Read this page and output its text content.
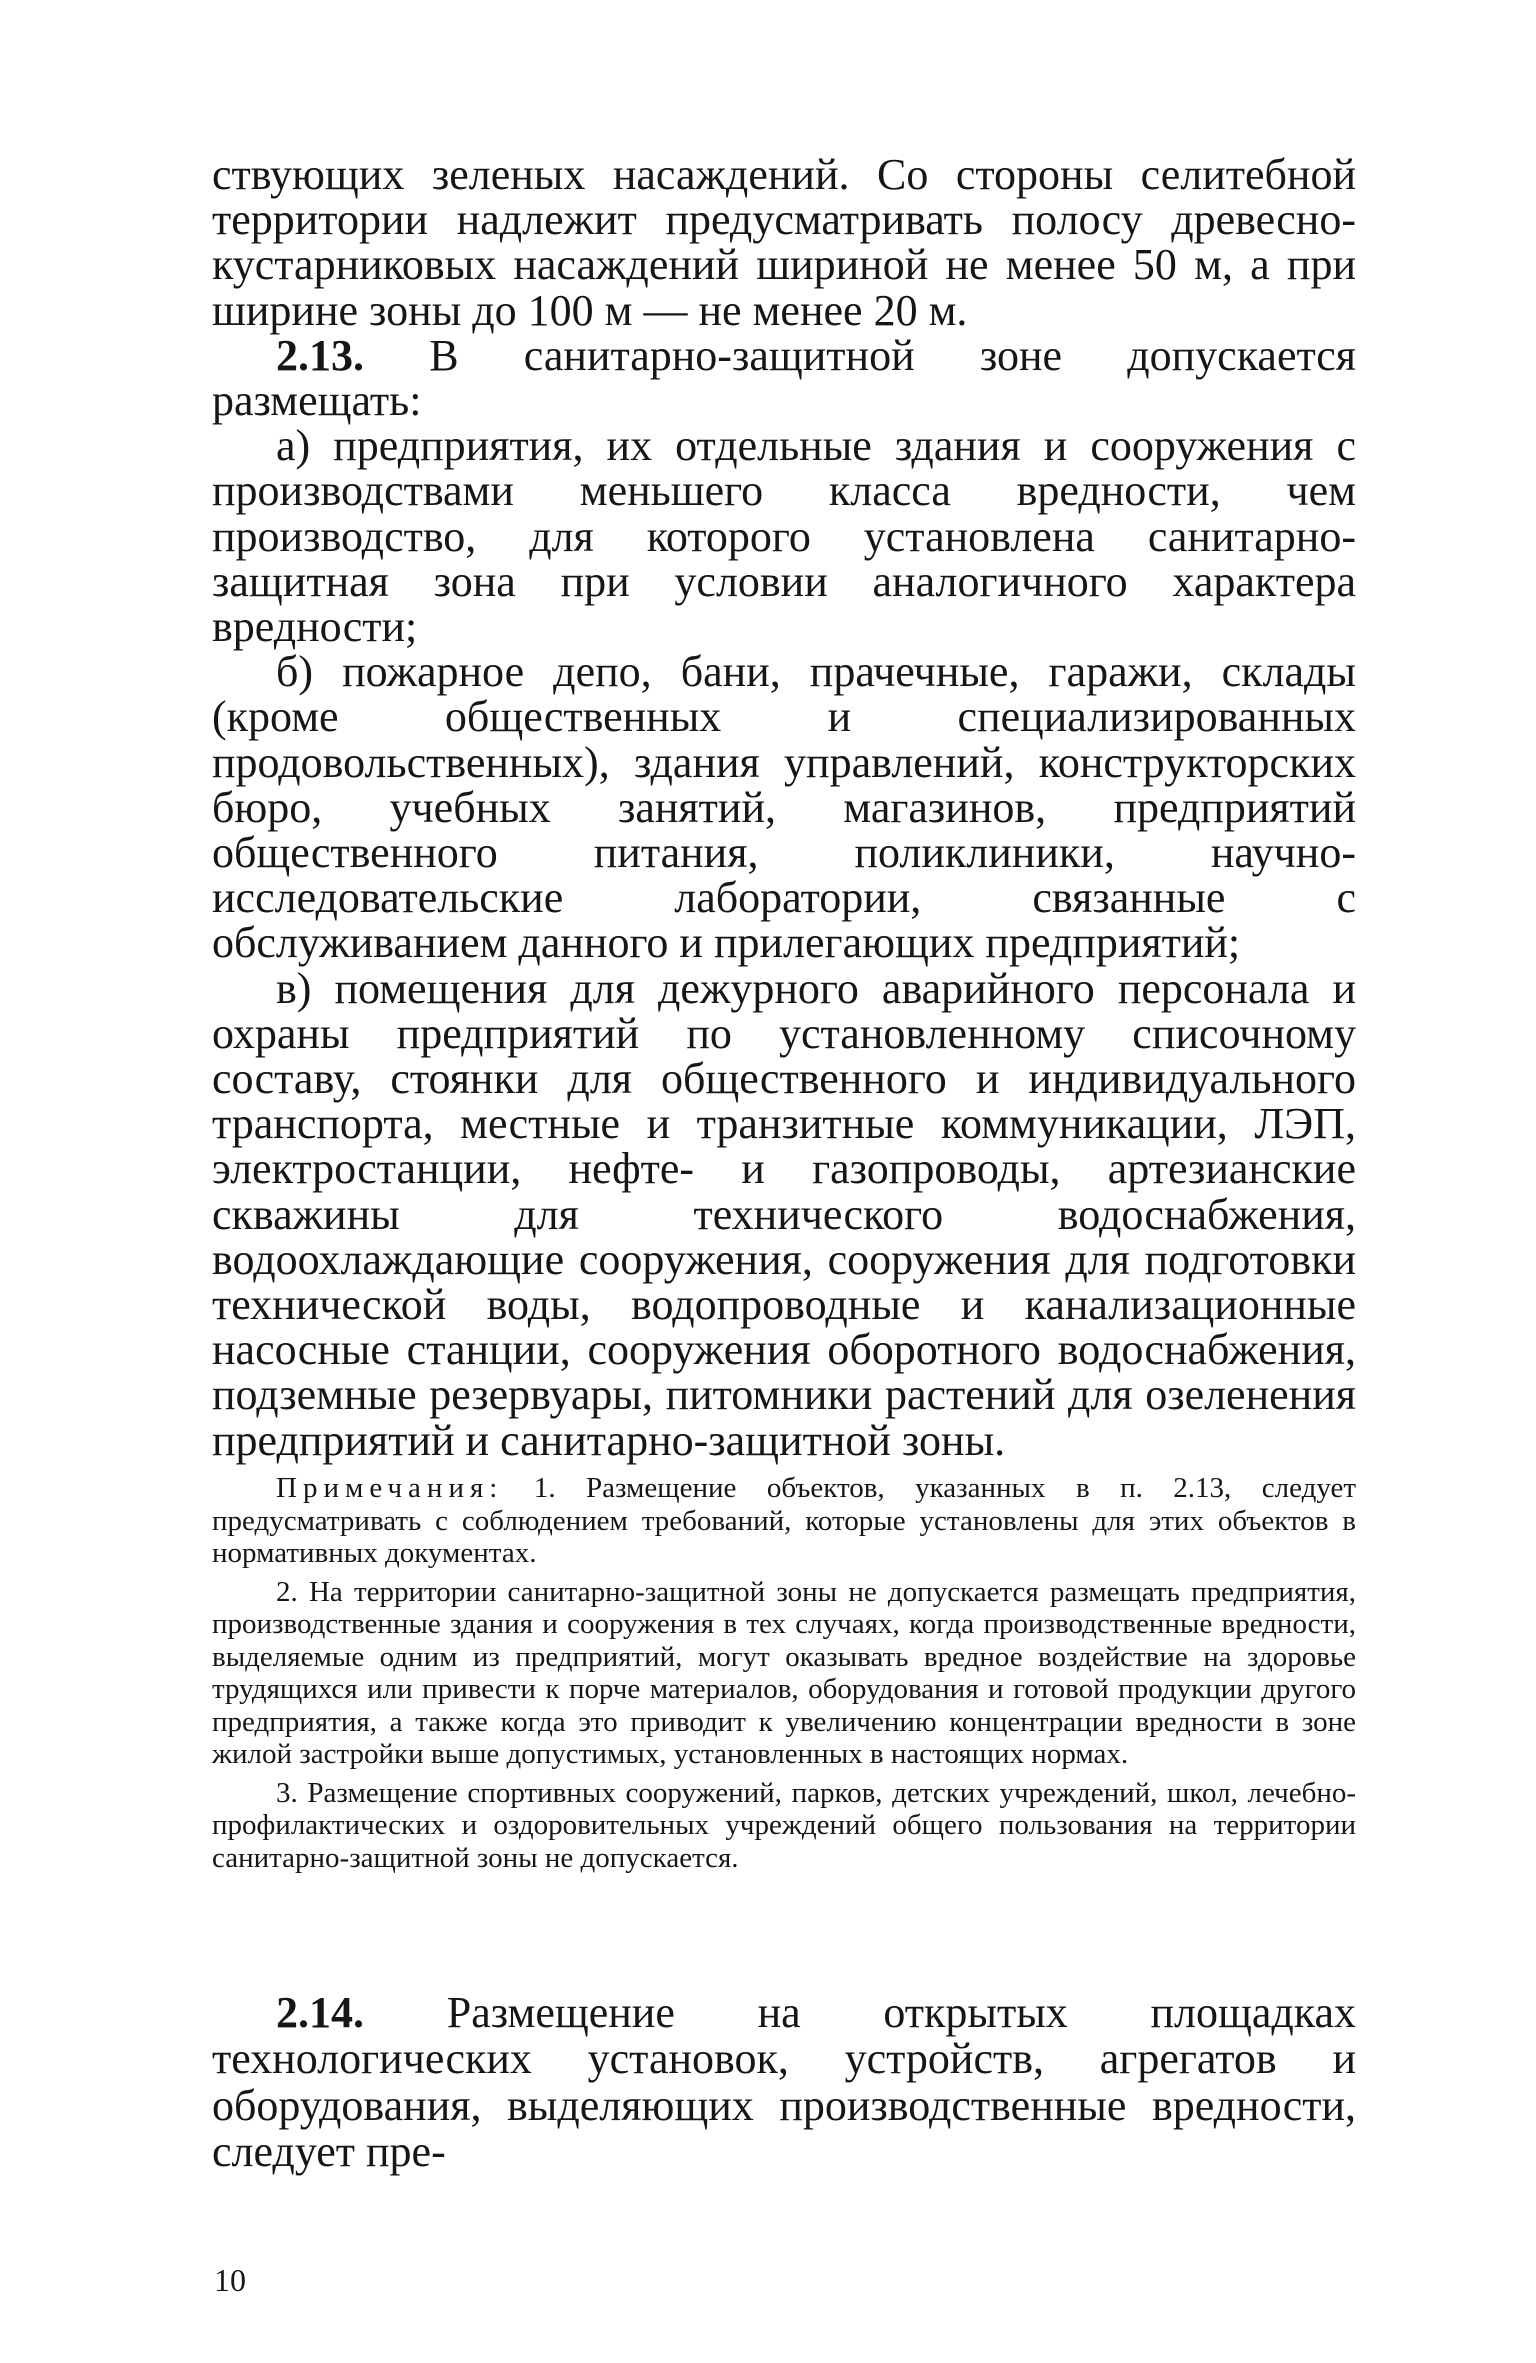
ствующих зеленых насаждений. Со стороны селитебной территории надлежит предусматривать полосу древесно-кустарниковых насаждений шириной не менее 50 м, а при ширине зоны до 100 м — не менее 20 м.

2.13. В санитарно-защитной зоне допускается размещать:

а) предприятия, их отдельные здания и сооружения с производствами меньшего класса вредности, чем производство, для которого установлена санитарно-защитная зона при условии аналогичного характера вредности;

б) пожарное депо, бани, прачечные, гаражи, склады (кроме общественных и специализированных продовольственных), здания управлений, конструкторских бюро, учебных занятий, магазинов, предприятий общественного питания, поликлиники, научно-исследовательские лаборатории, связанные с обслуживанием данного и прилегающих предприятий;

в) помещения для дежурного аварийного персонала и охраны предприятий по установленному списочному составу, стоянки для общественного и индивидуального транспорта, местные и транзитные коммуникации, ЛЭП, электростанции, нефте- и газопроводы, артезианские скважины для технического водоснабжения, водоохлаждающие сооружения, сооружения для подготовки технической воды, водопроводные и канализационные насосные станции, сооружения оборотного водоснабжения, подземные резервуары, питомники растений для озеленения предприятий и санитарно-защитной зоны.

Примечания: 1. Размещение объектов, указанных в п. 2.13, следует предусматривать с соблюдением требований, которые установлены для этих объектов в нормативных документах.

2. На территории санитарно-защитной зоны не допускается размещать предприятия, производственные здания и сооружения в тех случаях, когда производственные вредности, выделяемые одним из предприятий, могут оказывать вредное воздействие на здоровье трудящихся или привести к порче материалов, оборудования и готовой продукции другого предприятия, а также когда это приводит к увеличению концентрации вредности в зоне жилой застройки выше допустимых, установленных в настоящих нормах.

3. Размещение спортивных сооружений, парков, детских учреждений, школ, лечебно-профилактических и оздоровительных учреждений общего пользования на территории санитарно-защитной зоны не допускается.

2.14. Размещение на открытых площадках технологических установок, устройств, агрегатов и оборудования, выделяющих производственные вредности, следует пре-

10
